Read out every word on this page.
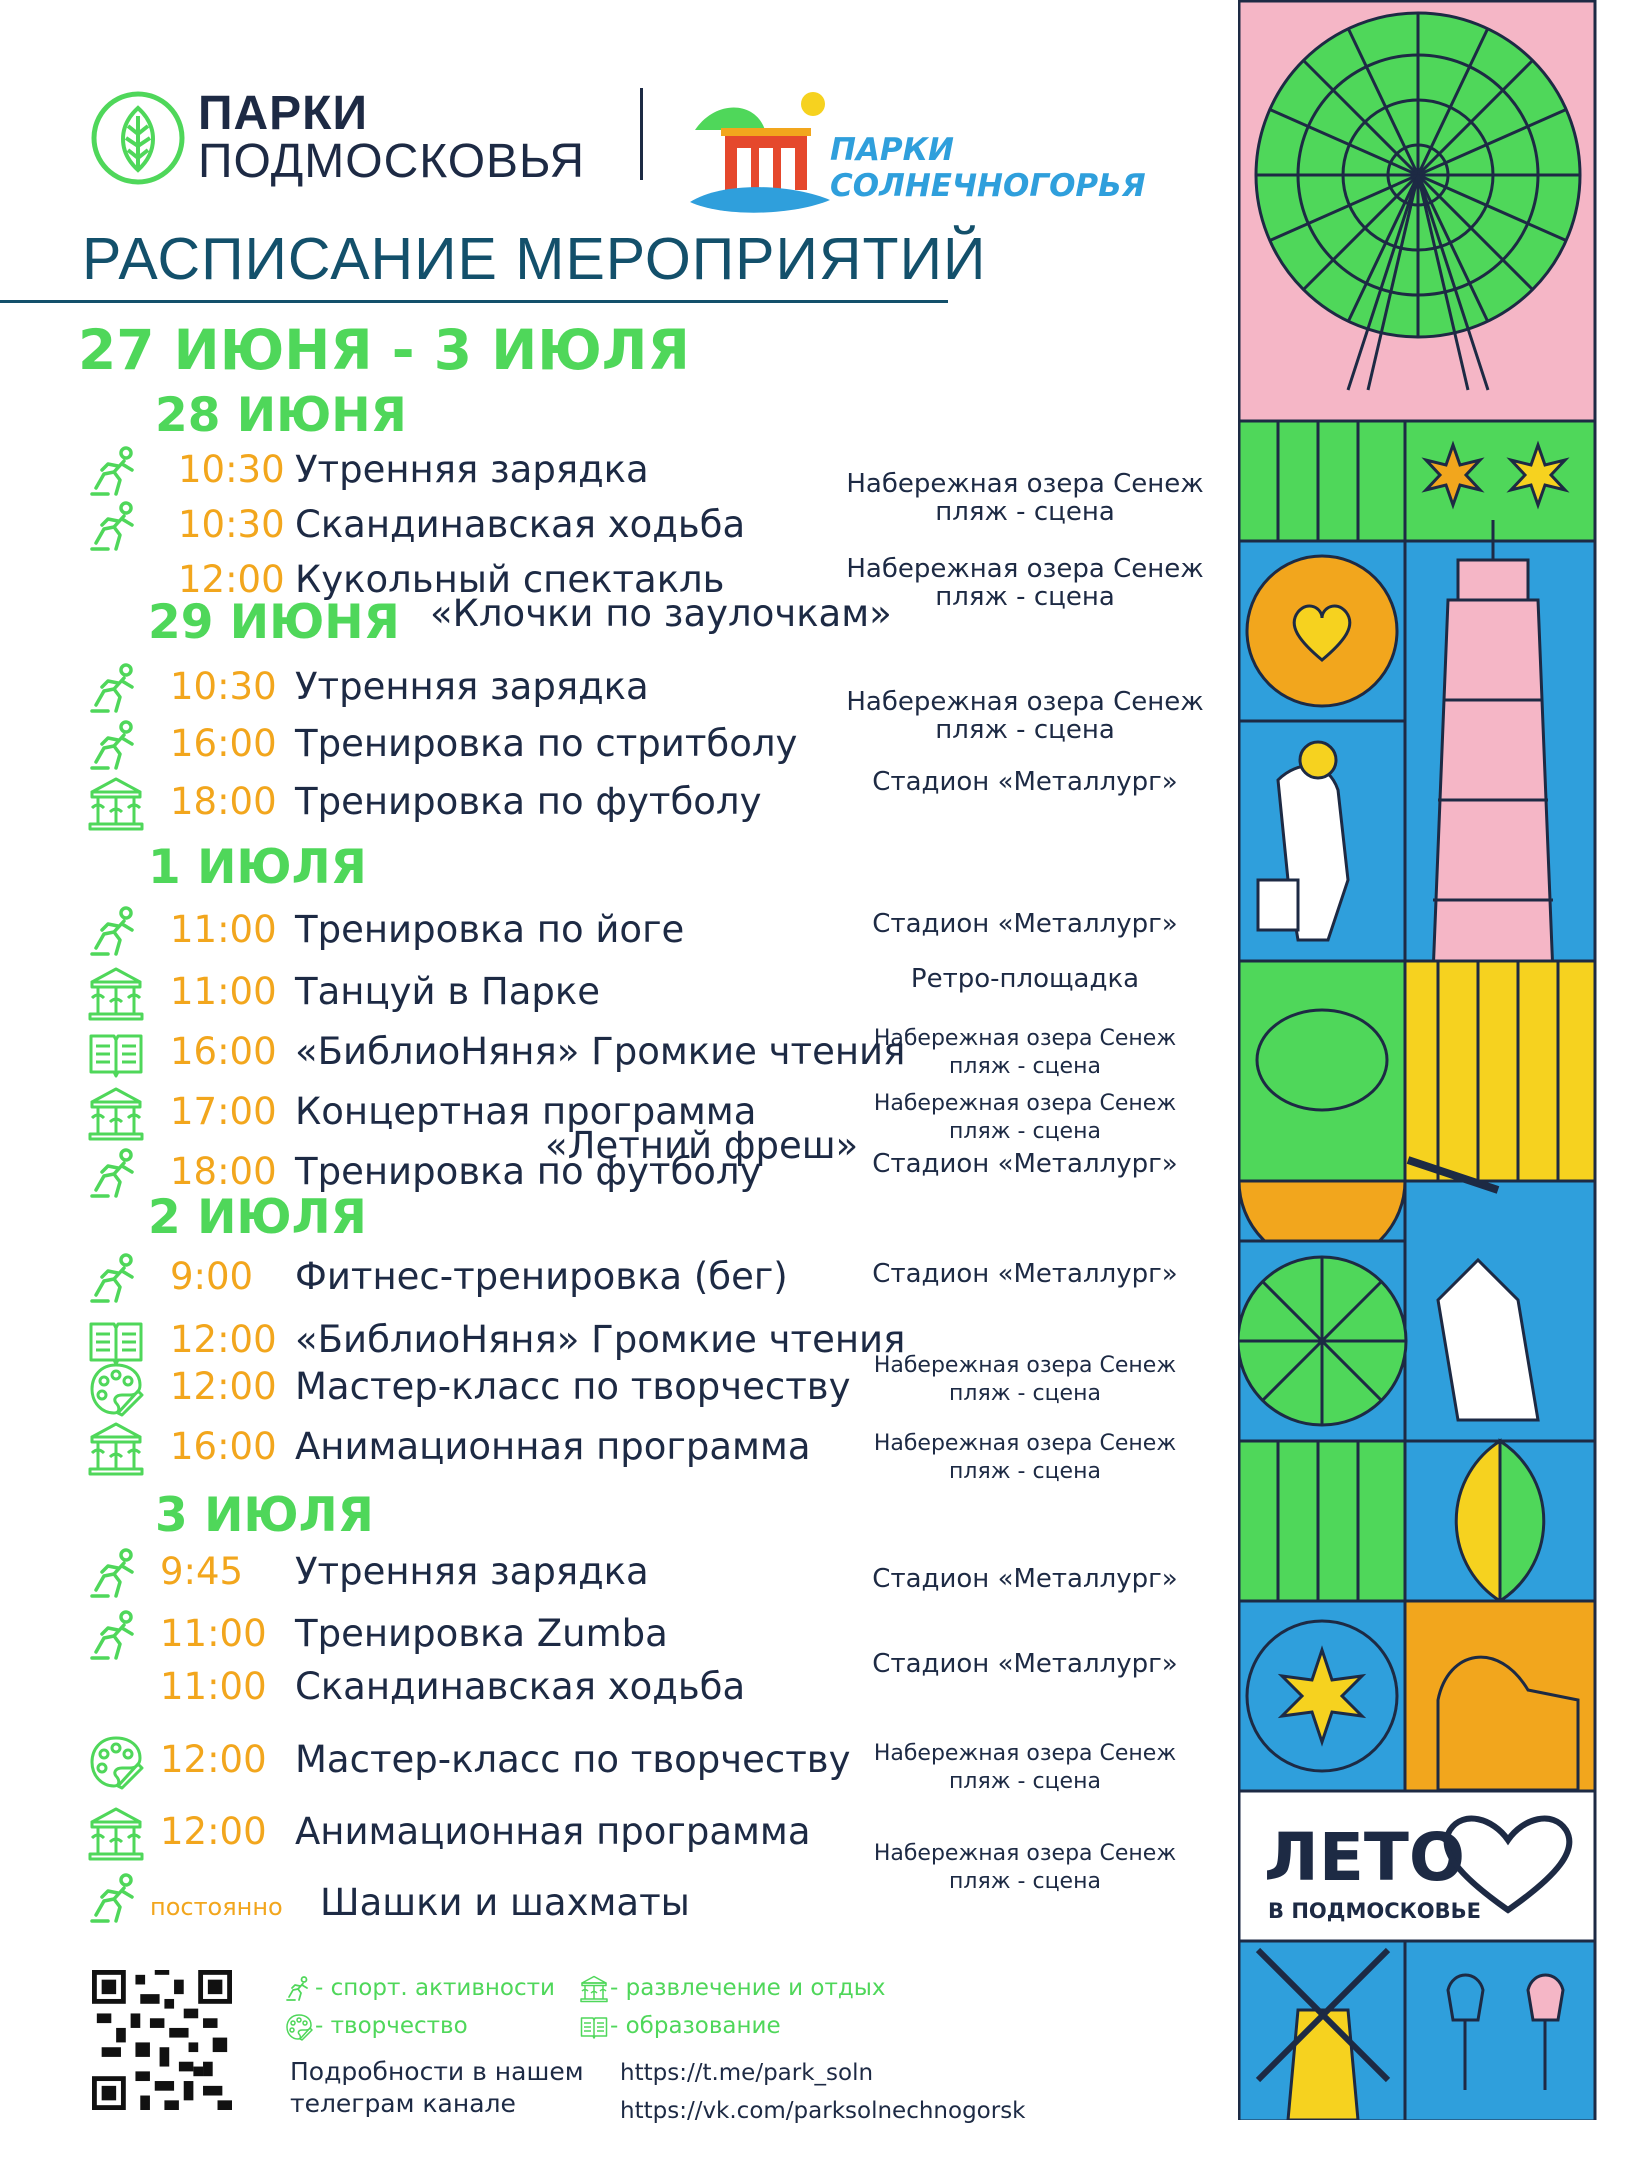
ПАРКИ
ПОДМОСКОВЬЯ	ПАРКИ
СОЛНЕЧНОГОРЬЯ
РАСПИСАНИЕ МЕРОПРИЯТИЙ
27 ИЮНЯ - 3 ИЮЛЯ
28 ИЮНЯ
10:30 Утренняя зарядка
10:30 Скандинавская ходьба
12:00 Кукольный спектакль
«Клочки по заулочкам»
Набережная озера Сенеж
пляж - сцена
Набережная озера Сенеж
пляж - сцена
29 ИЮНЯ
10:30 Утренняя зарядка
16:00 Тренировка по стритболу
18:00 Тренировка по футболу
Набережная озера Сенеж
пляж - сцена
Стадион «Металлург»
1 ИЮЛЯ
11:00 Тренировка по йоге
11:00 Танцуй в Парке
16:00 «БиблиоНяня» Громкие чтения
17:00 Концертная программа
«Летний фреш»
18:00 Тренировка по футболу
Стадион «Металлург»
Ретро-площадка
Набережная озера Сенеж
пляж - сцена
Набережная озера Сенеж
пляж - сцена
Стадион «Металлург»
2 ИЮЛЯ
9:00 Фитнес-тренировка (бег)
12:00 «БиблиоНяня» Громкие чтения
12:00 Мастер-класс по творчеству
16:00 Анимационная программа
Стадион «Металлург»
Набережная озера Сенеж
пляж - сцена
Набережная озера Сенеж
пляж - сцена
3 ИЮЛЯ
9:45 Утренняя зарядка
11:00 Тренировка Zumba
11:00 Скандинавская ходьба
12:00 Мастер-класс по творчеству
12:00 Анимационная программа
постоянно Шашки и шахматы
Стадион «Металлург»
Стадион «Металлург»
Набережная озера Сенеж
пляж - сцена
Набережная озера Сенеж
пляж - сцена
- спорт. активности - развлечение и отдых
- творчество	- образование
Подробности в нашем
телеграм канале
https://t.me/park_soln
https://vk.com/parksolnechnogorsk
ЛЕТО
В ПОДМОСКОВЬЕ
